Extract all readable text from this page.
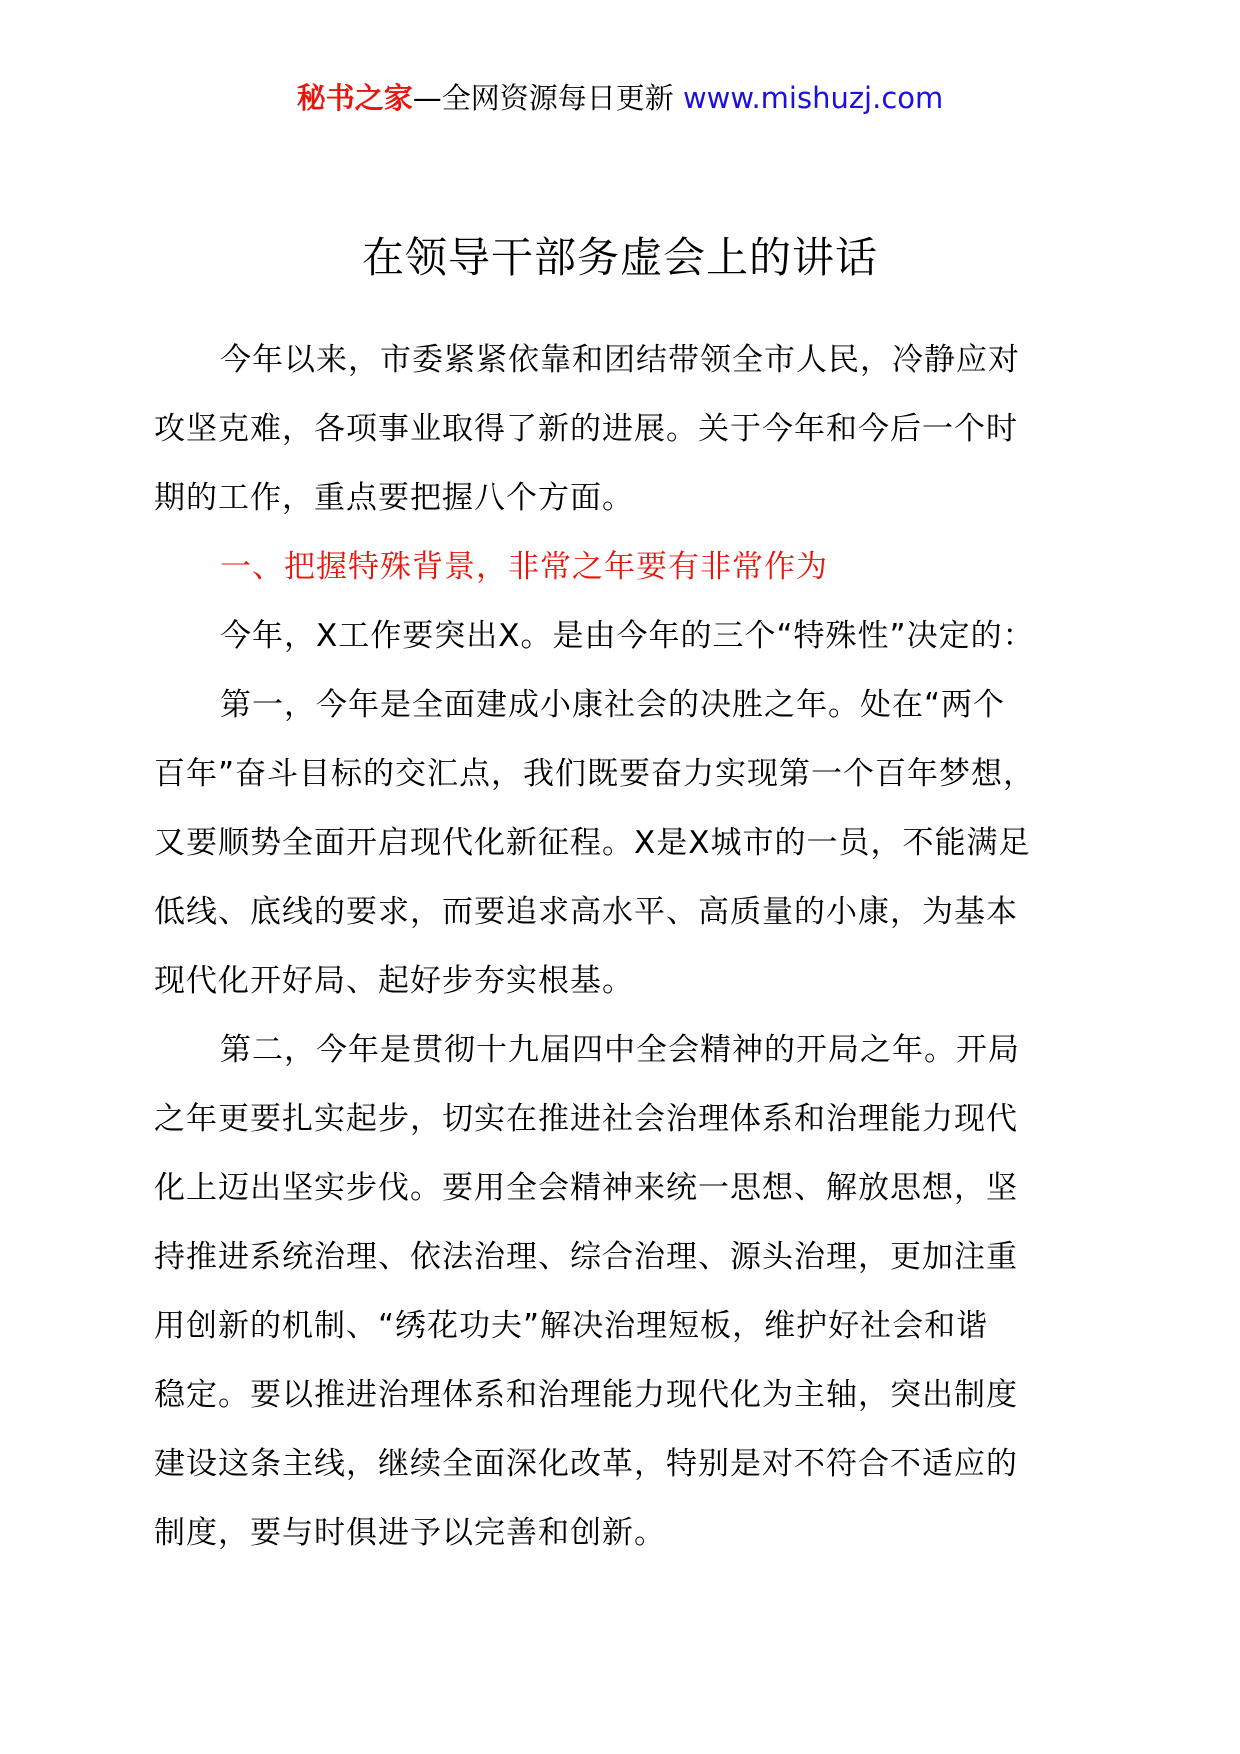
秘书之家—全网资源每日更新 www.mishuzj.com
在领导干部务虚会上的讲话

今年以来，市委紧紧依靠和团结带领全市人民，冷静应对
攻坚克难，各项事业取得了新的进展。关于今年和今后一个时
期的工作，重点要把握八个方面。

一、把握特殊背景，非常之年要有非常作为

今年，X工作要突出X。是由今年的三个“特殊性”决定的：

第一，今年是全面建成小康社会的决胜之年。处在“两个
百年”奋斗目标的交汇点，我们既要奋力实现第一个百年梦想，
又要顺势全面开启现代化新征程。X是X城市的一员，不能满足
低线、底线的要求，而要追求高水平、高质量的小康，为基本
现代化开好局、起好步夯实根基。

第二，今年是贯彻十九届四中全会精神的开局之年。开局
之年更要扎实起步，切实在推进社会治理体系和治理能力现代
化上迈出坚实步伐。要用全会精神来统一思想、解放思想，坚
持推进系统治理、依法治理、综合治理、源头治理，更加注重
用创新的机制、“绣花功夫”解决治理短板，维护好社会和谐
稳定。要以推进治理体系和治理能力现代化为主轴，突出制度
建设这条主线，继续全面深化改革，特别是对不符合不适应的
制度，要与时俱进予以完善和创新。
